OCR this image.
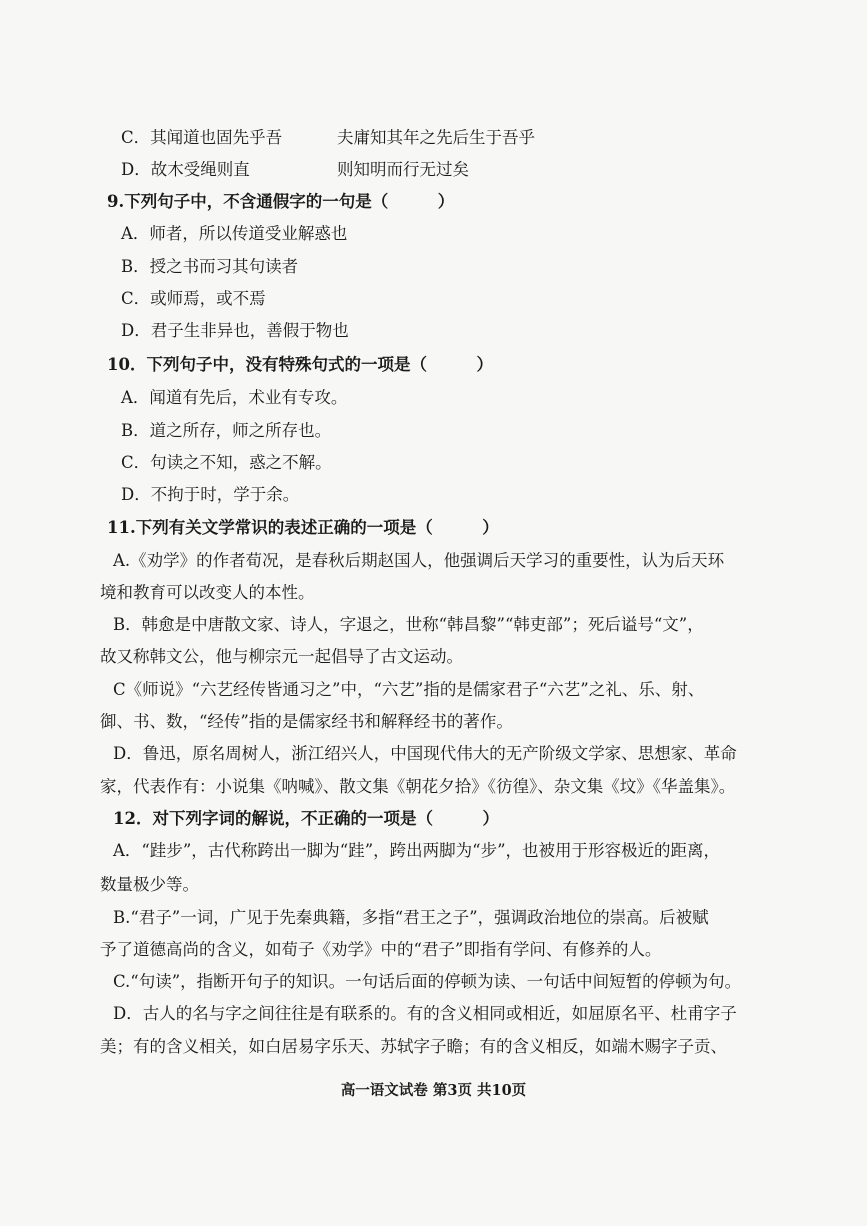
C．其闻道也固先乎吾	夫庸知其年之先后生于吾乎
D．故木受绳则直	则知明而行无过矣
9.下列句子中，不含通假字的一句是（　　　）
A．师者，所以传道受业解惑也
B．授之书而习其句读者
C．或师焉，或不焉
D．君子生非异也，善假于物也
10．下列句子中，没有特殊句式的一项是（　　　）
A．闻道有先后，术业有专攻。
B．道之所存，师之所存也。
C．句读之不知，惑之不解。
D．不拘于时，学于余。
11.下列有关文学常识的表述正确的一项是（　　　）
A.《劝学》的作者荀况，是春秋后期赵国人，他强调后天学习的重要性，认为后天环
境和教育可以改变人的本性。
B．韩愈是中唐散文家、诗人，字退之，世称“韩昌黎”“韩吏部”；死后谥号“文”，
故又称韩文公，他与柳宗元一起倡导了古文运动。
C《师说》“六艺经传皆通习之”中，“六艺”指的是儒家君子“六艺”之礼、乐、射、
御、书、数，“经传”指的是儒家经书和解释经书的著作。
D．鲁迅，原名周树人，浙江绍兴人，中国现代伟大的无产阶级文学家、思想家、革命
家，代表作有：小说集《呐喊》、散文集《朝花夕拾》《彷徨》、杂文集《坟》《华盖集》。
12．对下列字词的解说，不正确的一项是（　　　）
A．“跬步”，古代称跨出一脚为“跬”，跨出两脚为“步”，也被用于形容极近的距离，
数量极少等。
B.“君子”一词，广见于先秦典籍，多指“君王之子”，强调政治地位的崇高。后被赋
予了道德高尚的含义，如荀子《劝学》中的“君子”即指有学问、有修养的人。
C.“句读”，指断开句子的知识。一句话后面的停顿为读、一句话中间短暂的停顿为句。
D．古人的名与字之间往往是有联系的。有的含义相同或相近，如屈原名平、杜甫字子
美；有的含义相关，如白居易字乐天、苏轼字子瞻；有的含义相反，如端木赐字子贡、
高一语文试卷 第3页 共10页
